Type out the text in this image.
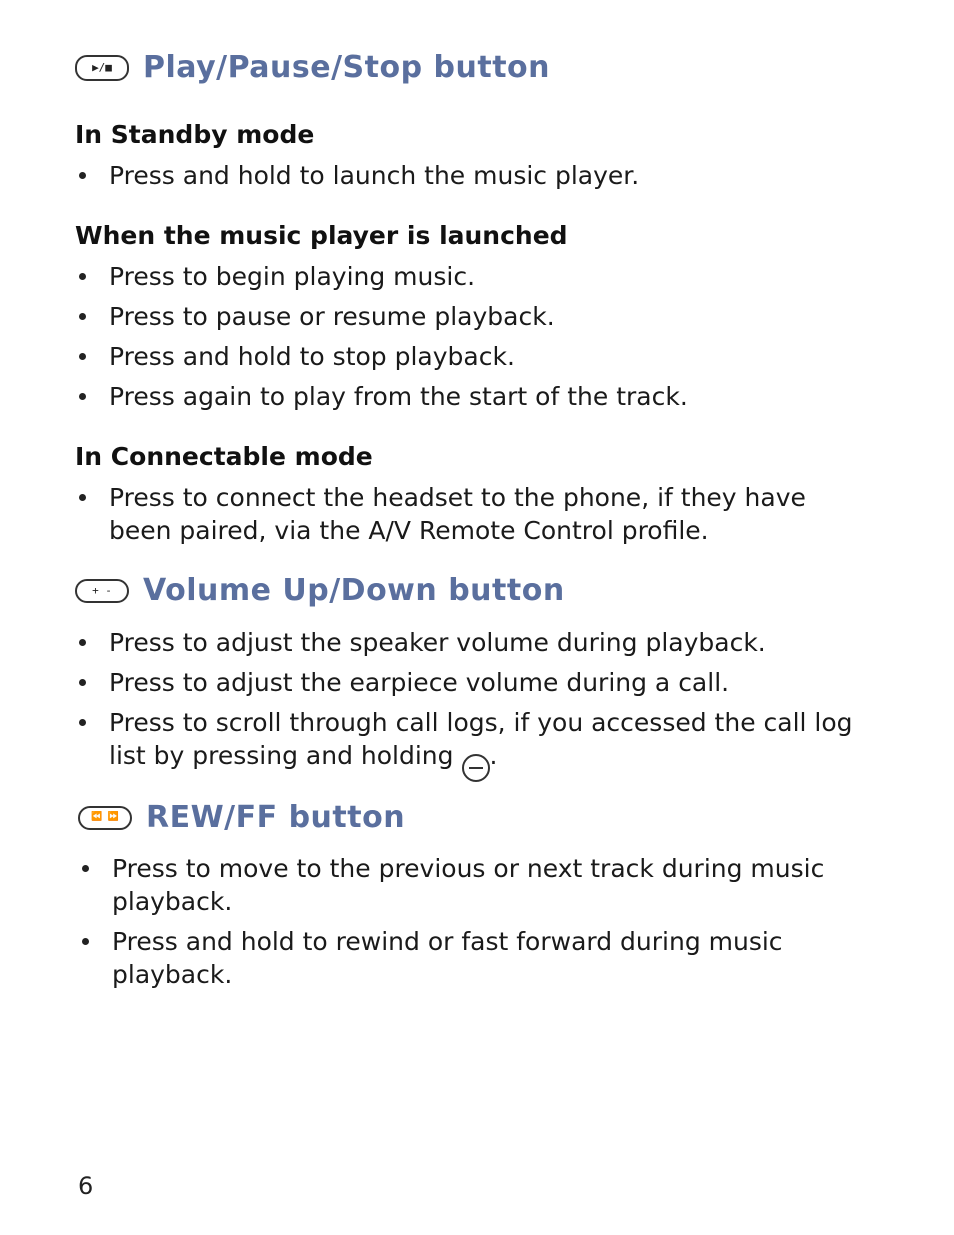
▶/■	Play/Pause/Stop button
In Standby mode
Press and hold to launch the music player.
When the music player is launched
Press to begin playing music.
Press to pause or resume playback.
Press and hold to stop playback.
Press again to play from the start of the track.
In Connectable mode
Press to connect the headset to the phone, if they have been paired, via the A/V Remote Control profile.
+ -	Volume Up/Down button
Press to adjust the speaker volume during playback.
Press to adjust the earpiece volume during a call.
Press to scroll through call logs, if you accessed the call log list by pressing and holding .
⏪ ⏩ REW/FF button
Press to move to the previous or next track during music playback.
Press and hold to rewind or fast forward during music playback.
6
